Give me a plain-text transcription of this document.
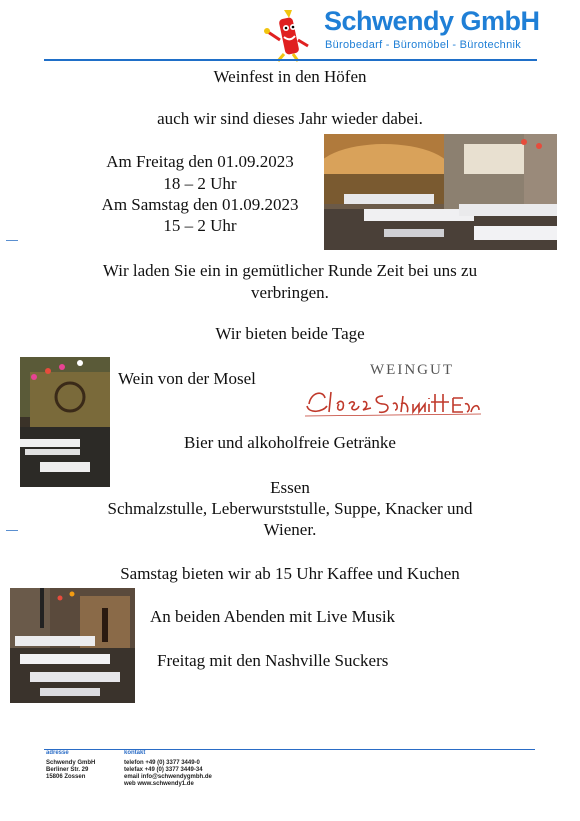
Schwendy GmbH
Bürobedarf - Büromöbel - Bürotechnik
Weinfest in den Höfen
auch wir sind dieses Jahr wieder dabei.
Am Freitag den 01.09.2023
18 – 2 Uhr
Am Samstag den 01.09.2023
15 – 2 Uhr
Wir laden Sie ein in gemütlicher Runde Zeit bei uns zu
verbringen.
Wir bieten beide Tage
Wein von der Mosel	WEINGUT
Bier und alkoholfreie Getränke
Essen
Schmalzstulle, Leberwurststulle, Suppe, Knacker und
Wiener.
Samstag bieten wir ab 15 Uhr Kaffee und Kuchen
An beiden Abenden mit Live Musik
Freitag mit den Nashville Suckers
adresse
Schwendy GmbH
Berliner Str. 29
15806 Zossen
kontakt
telefon +49 (0) 3377 3449-0
telefax +49 (0) 3377 3449-34
email info@schwendygmbh.de
web www.schwendy1.de
